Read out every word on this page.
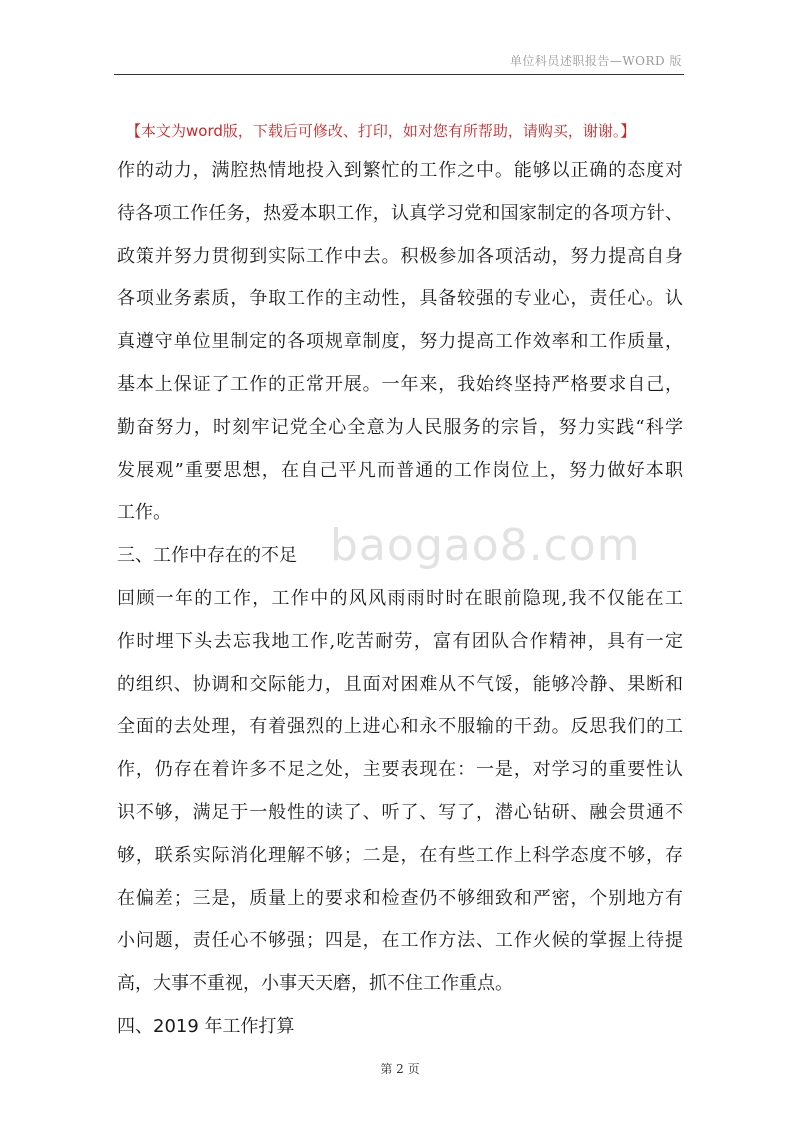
单位科员述职报告—WORD 版
【本文为word版，下载后可修改、打印，如对您有所帮助，请购买，谢谢。】
baogao8.com
作的动力，满腔热情地投入到繁忙的工作之中。能够以正确的态度对
待各项工作任务，热爱本职工作，认真学习党和国家制定的各项方针、
政策并努力贯彻到实际工作中去。积极参加各项活动，努力提高自身
各项业务素质，争取工作的主动性，具备较强的专业心，责任心。认
真遵守单位里制定的各项规章制度，努力提高工作效率和工作质量，
基本上保证了工作的正常开展。一年来，我始终坚持严格要求自己，
勤奋努力，时刻牢记党全心全意为人民服务的宗旨，努力实践“科学
发展观”重要思想，在自己平凡而普通的工作岗位上，努力做好本职
工作。
三、工作中存在的不足
回顾一年的工作，工作中的风风雨雨时时在眼前隐现,我不仅能在工
作时埋下头去忘我地工作,吃苦耐劳，富有团队合作精神，具有一定
的组织、协调和交际能力，且面对困难从不气馁，能够冷静、果断和
全面的去处理，有着强烈的上进心和永不服输的干劲。反思我们的工
作，仍存在着许多不足之处，主要表现在：一是，对学习的重要性认
识不够，满足于一般性的读了、听了、写了，潜心钻研、融会贯通不
够，联系实际消化理解不够；二是，在有些工作上科学态度不够，存
在偏差；三是，质量上的要求和检查仍不够细致和严密，个别地方有
小问题，责任心不够强；四是，在工作方法、工作火候的掌握上待提
高，大事不重视，小事天天磨，抓不住工作重点。
四、2019 年工作打算
第 2 页
